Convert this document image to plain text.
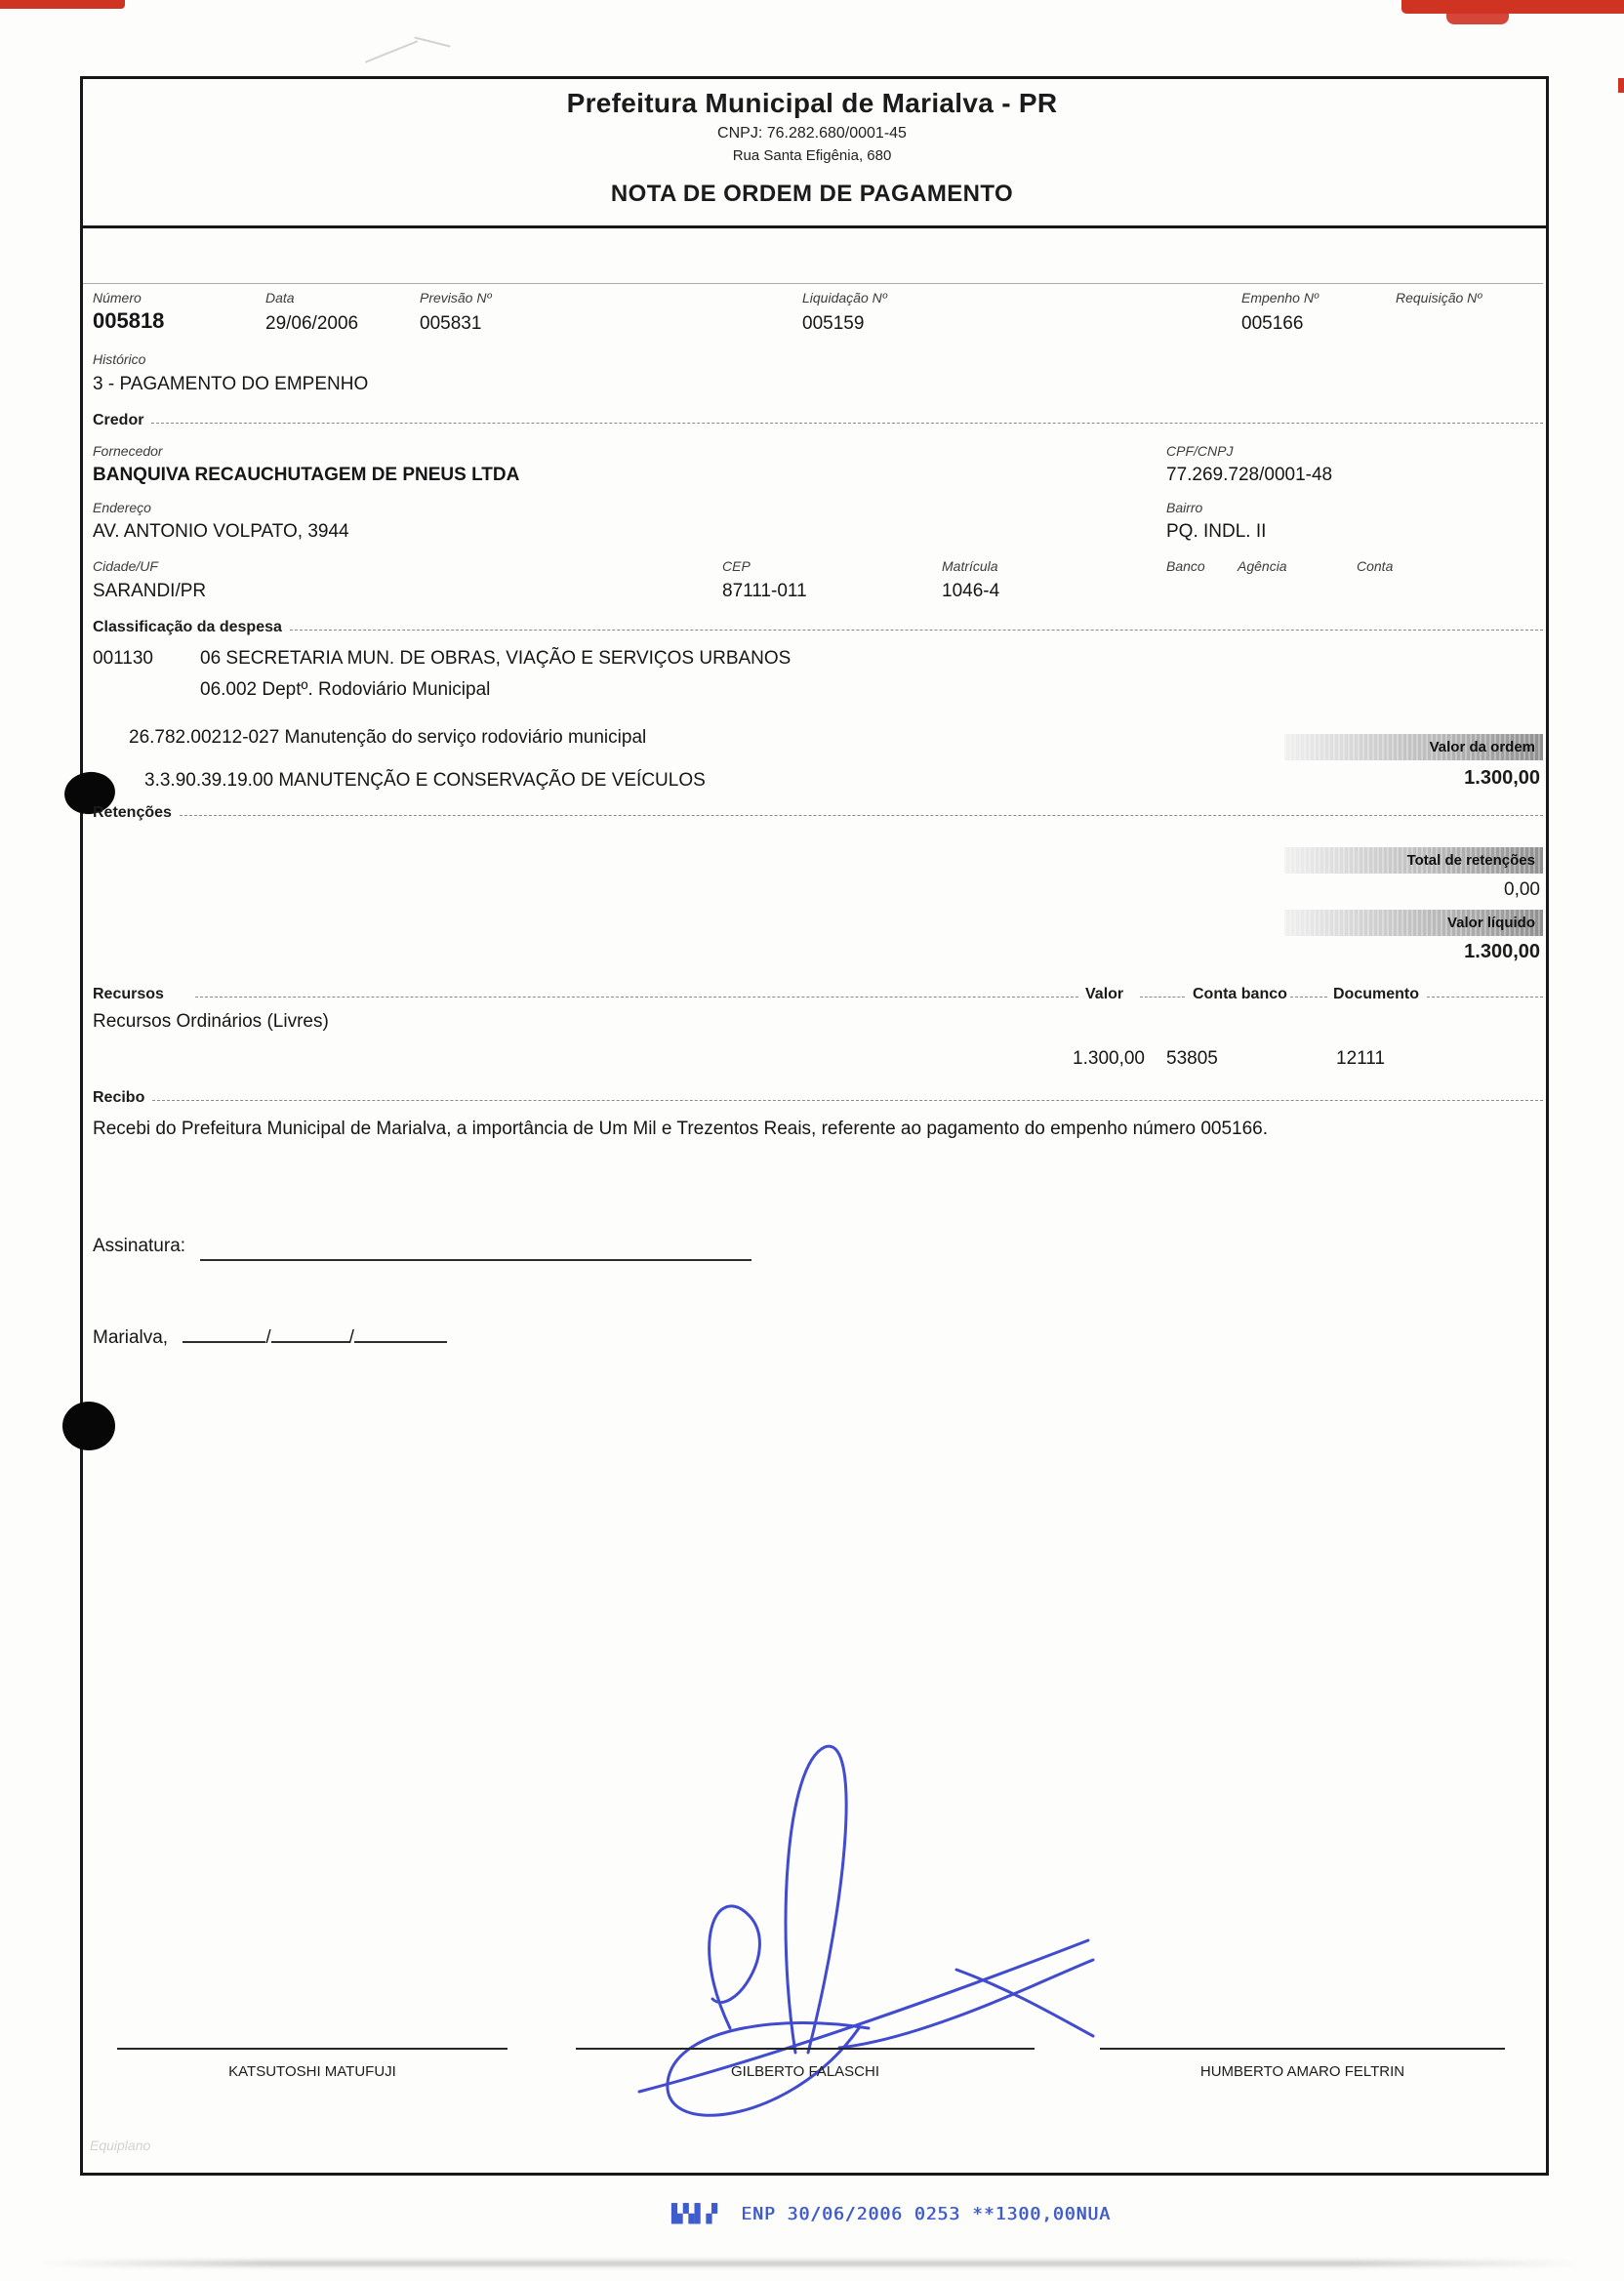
Prefeitura Municipal de Marialva - PR
CNPJ: 76.282.680/0001-45
Rua Santa Efigênia, 680
NOTA DE ORDEM DE PAGAMENTO
Número	Data	Previsão Nº	Liquidação Nº	Empenho Nº	Requisição Nº
005818	29/06/2006	005831	005159	005166
Histórico
3 - PAGAMENTO DO EMPENHO
Credor
Fornecedor	CPF/CNPJ
BANQUIVA RECAUCHUTAGEM DE PNEUS LTDA	77.269.728/0001-48
Endereço	Bairro
AV. ANTONIO VOLPATO, 3944	PQ. INDL. II
Cidade/UF	CEP	Matrícula	Banco Agência	Conta
SARANDI/PR	87111-011	1046-4
Classificação da despesa
001130	06 SECRETARIA MUN. DE OBRAS, VIAÇÃO E SERVIÇOS URBANOS
06.002 Deptº. Rodoviário Municipal
26.782.00212-027 Manutenção do serviço rodoviário municipal	Valor da ordem
3.3.90.39.19.00 MANUTENÇÃO E CONSERVAÇÃO DE VEÍCULOS	1.300,00
Retenções
Total de retenções
0,00
Valor líquido
1.300,00
Recursos	Valor	Conta banco	Documento
Recursos Ordinários (Livres)
1.300,00 53805	12111
Recibo
Recebi do Prefeitura Municipal de Marialva, a importância de Um Mil e Trezentos Reais, referente ao pagamento do empenho número 005166.
Assinatura:
Marialva,	/	/
KATSUTOSHI MATUFUJI	GILBERTO FALASCHI	HUMBERTO AMARO FELTRIN
Equiplano
▙▚▌▞ ENP 30/06/2006 0253 **1300,00NUA
